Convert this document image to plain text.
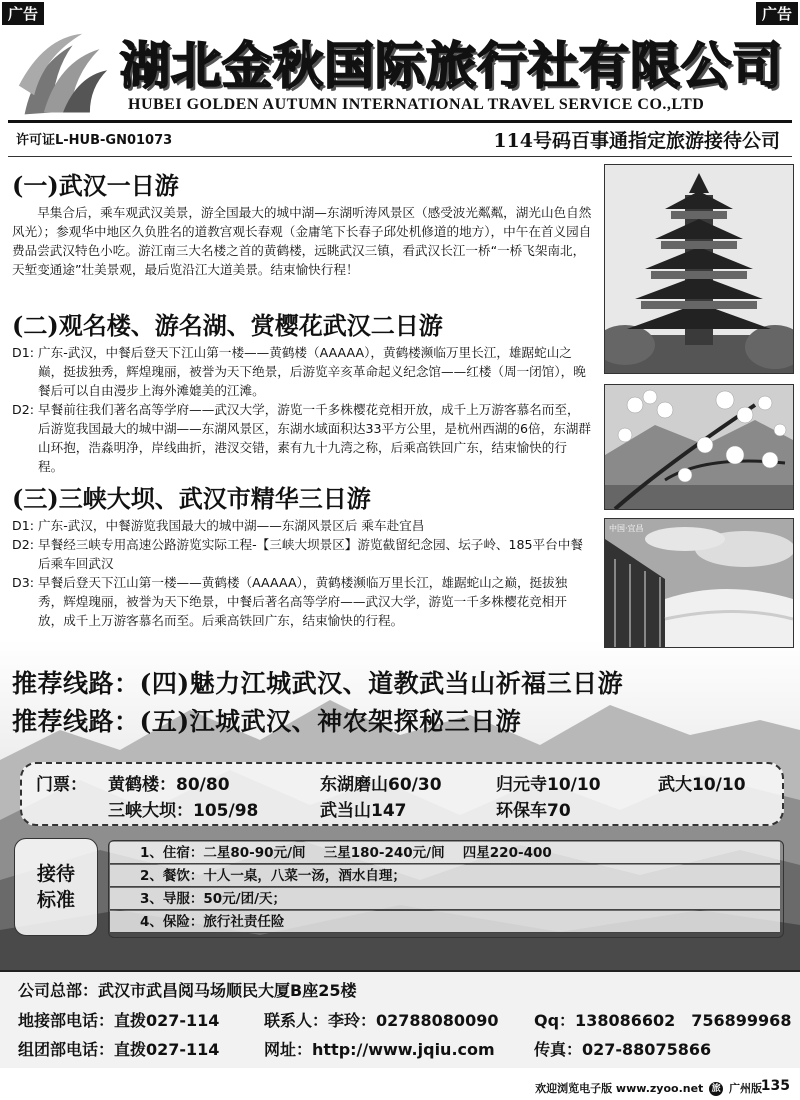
广告	广告
湖北金秋国际旅行社有限公司
HUBEI GOLDEN AUTUMN INTERNATIONAL TRAVEL SERVICE CO.,LTD
许可证L-HUB-GN01073	114号码百事通指定旅游接待公司
(一)武汉一日游

早集合后，乘车观武汉美景，游全国最大的城中湖—东湖听涛风景区（感受波光粼粼，湖光山色自然风光）；参观华中地区久负胜名的道教宫观长春观（金庸笔下长春子邱处机修道的地方），中午在首义园自费品尝武汉特色小吃。游江南三大名楼之首的黄鹤楼，远眺武汉三镇，看武汉长江一桥“一桥飞架南北，天堑变通途”壮美景观，最后览沿江大道美景。结束愉快行程！

(二)观名楼、游名湖、赏樱花武汉二日游
D1: 广东-武汉，中餐后登天下江山第一楼——黄鹤楼（AAAAA），黄鹤楼濒临万里长江，雄踞蛇山之巅，挺拔独秀，辉煌瑰丽，被誉为天下绝景，后游览辛亥革命起义纪念馆——红楼（周一闭馆），晚餐后可以自由漫步上海外滩媲美的江滩。
D2: 早餐前往我们著名高等学府——武汉大学，游览一千多株樱花竞相开放，成千上万游客慕名而至，后游览我国最大的城中湖——东湖风景区，东湖水域面积达33平方公里，是杭州西湖的6倍，东湖群山环抱，浩淼明净，岸线曲折，港汊交错，素有九十九湾之称，后乘高铁回广东，结束愉快的行程。
(三)三峡大坝、武汉市精华三日游
D1: 广东-武汉，中餐游览我国最大的城中湖——东湖风景区后 乘车赴宜昌
D2: 早餐经三峡专用高速公路游览实际工程-【三峡大坝景区】游览截留纪念园、坛子岭、185平台中餐后乘车回武汉
D3: 早餐后登天下江山第一楼——黄鹤楼（AAAAA），黄鹤楼濒临万里长江，雄踞蛇山之巅，挺拔独秀，辉煌瑰丽，被誉为天下绝景，中餐后著名高等学府——武汉大学，游览一千多株樱花竞相开放，成千上万游客慕名而至。后乘高铁回广东，结束愉快的行程。
中国·宜昌
推荐线路：(四)魅力江城武汉、道教武当山祈福三日游
推荐线路：(五)江城武汉、神农架探秘三日游
门票： 黄鹤楼：80/80	东湖磨山60/30	归元寺10/10	武大10/10
三峡大坝：105/98	武当山147	环保车70
接待
标准
1、住宿：二星80-90元/间　 三星180-240元/间　 四星220-400
2、餐饮：十人一桌，八菜一汤，酒水自理；
3、导服：50元/团/天；
4、保险：旅行社责任险
公司总部：武汉市武昌阅马场顺民大厦B座25楼
地接部电话：直拨027-114	联系人：李玲：02788080090 Qq：138086602　756899968
组团部电话：直拨027-114	网址：http://www.jqiu.com 传真：027-88075866
欢迎浏览电子版 www.zyoo.net 旅 广州版
135
